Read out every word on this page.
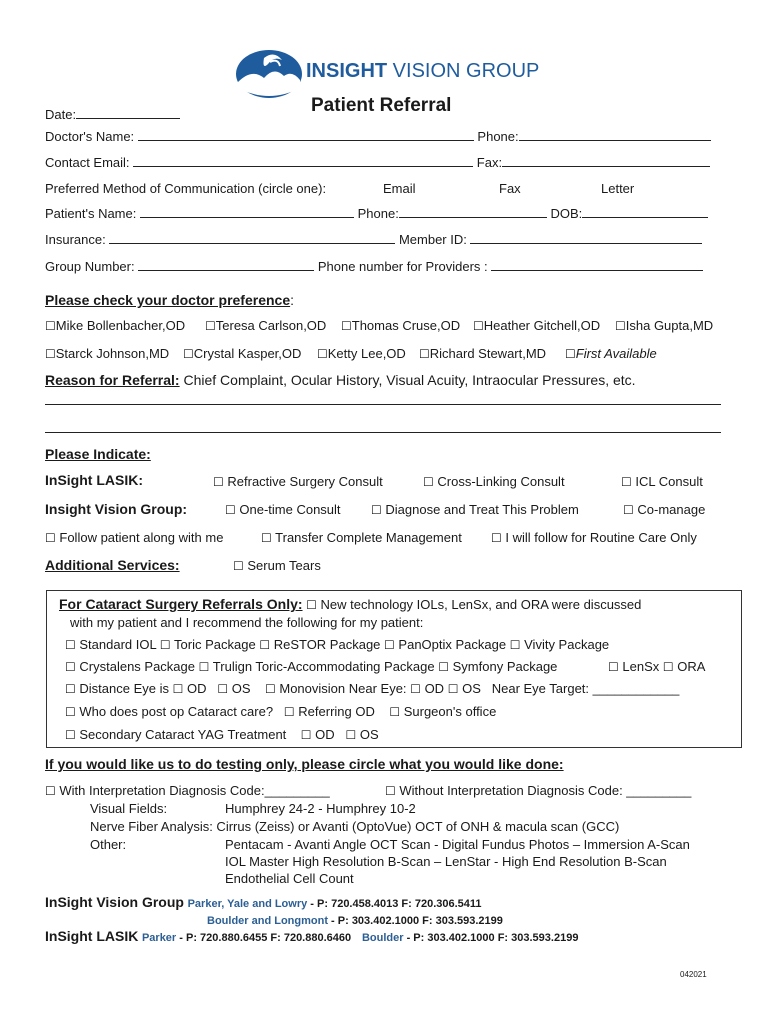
INSIGHT VISION GROUP
Patient Referral
Date:
Doctor's Name:	Phone:
Contact Email:	Fax:
Preferred Method of Communication (circle one):	Email	Fax	Letter
Patient's Name:	Phone:	DOB:
Insurance:	Member ID:
Group Number:	Phone number for Providers :
Please check your doctor preference:
☐Mike Bollenbacher,OD ☐Teresa Carlson,OD ☐Thomas Cruse,OD ☐Heather Gitchell,OD ☐Isha Gupta,MD
☐Starck Johnson,MD ☐Crystal Kasper,OD ☐Ketty Lee,OD ☐Richard Stewart,MD ☐First Available
Reason for Referral: Chief Complaint, Ocular History, Visual Acuity, Intraocular Pressures, etc.
Please Indicate:
InSight LASIK:	☐ Refractive Surgery Consult	☐ Cross-Linking Consult	☐ ICL Consult
Insight Vision Group:	☐ One-time Consult	☐ Diagnose and Treat This Problem	☐ Co-manage
☐ Follow patient along with me	☐ Transfer Complete Management ☐ I will follow for Routine Care Only
Additional Services:	☐ Serum Tears
For Cataract Surgery Referrals Only: ☐ New technology IOLs, LenSx, and ORA were discussed
with my patient and I recommend the following for my patient:
☐ Standard IOL ☐ Toric Package ☐ ReSTOR Package ☐ PanOptix Package ☐ Vivity Package
☐ Crystalens Package ☐ Trulign Toric-Accommodating Package ☐ Symfony Package	☐ LenSx ☐ ORA
☐ Distance Eye is ☐ OD ☐ OS ☐ Monovision Near Eye: ☐ OD ☐ OS Near Eye Target: ____________
☐ Who does post op Cataract care? ☐ Referring OD ☐ Surgeon's office
☐ Secondary Cataract YAG Treatment ☐ OD ☐ OS
If you would like us to do testing only, please circle what you would like done:
☐ With Interpretation Diagnosis Code:_________	☐ Without Interpretation Diagnosis Code: _________
Visual Fields:	Humphrey 24-2 - Humphrey 10-2
Nerve Fiber Analysis: Cirrus (Zeiss) or Avanti (OptoVue) OCT of ONH & macula scan (GCC)
Other:	Pentacam - Avanti Angle OCT Scan - Digital Fundus Photos – Immersion A-Scan
IOL Master High Resolution B-Scan – LenStar - High End Resolution B-Scan
Endothelial Cell Count
InSight Vision Group Parker, Yale and Lowry - P: 720.458.4013 F: 720.306.5411
Boulder and Longmont - P: 303.402.1000 F: 303.593.2199
InSight LASIK Parker - P: 720.880.6455 F: 720.880.6460 Boulder - P: 303.402.1000 F: 303.593.2199
042021
